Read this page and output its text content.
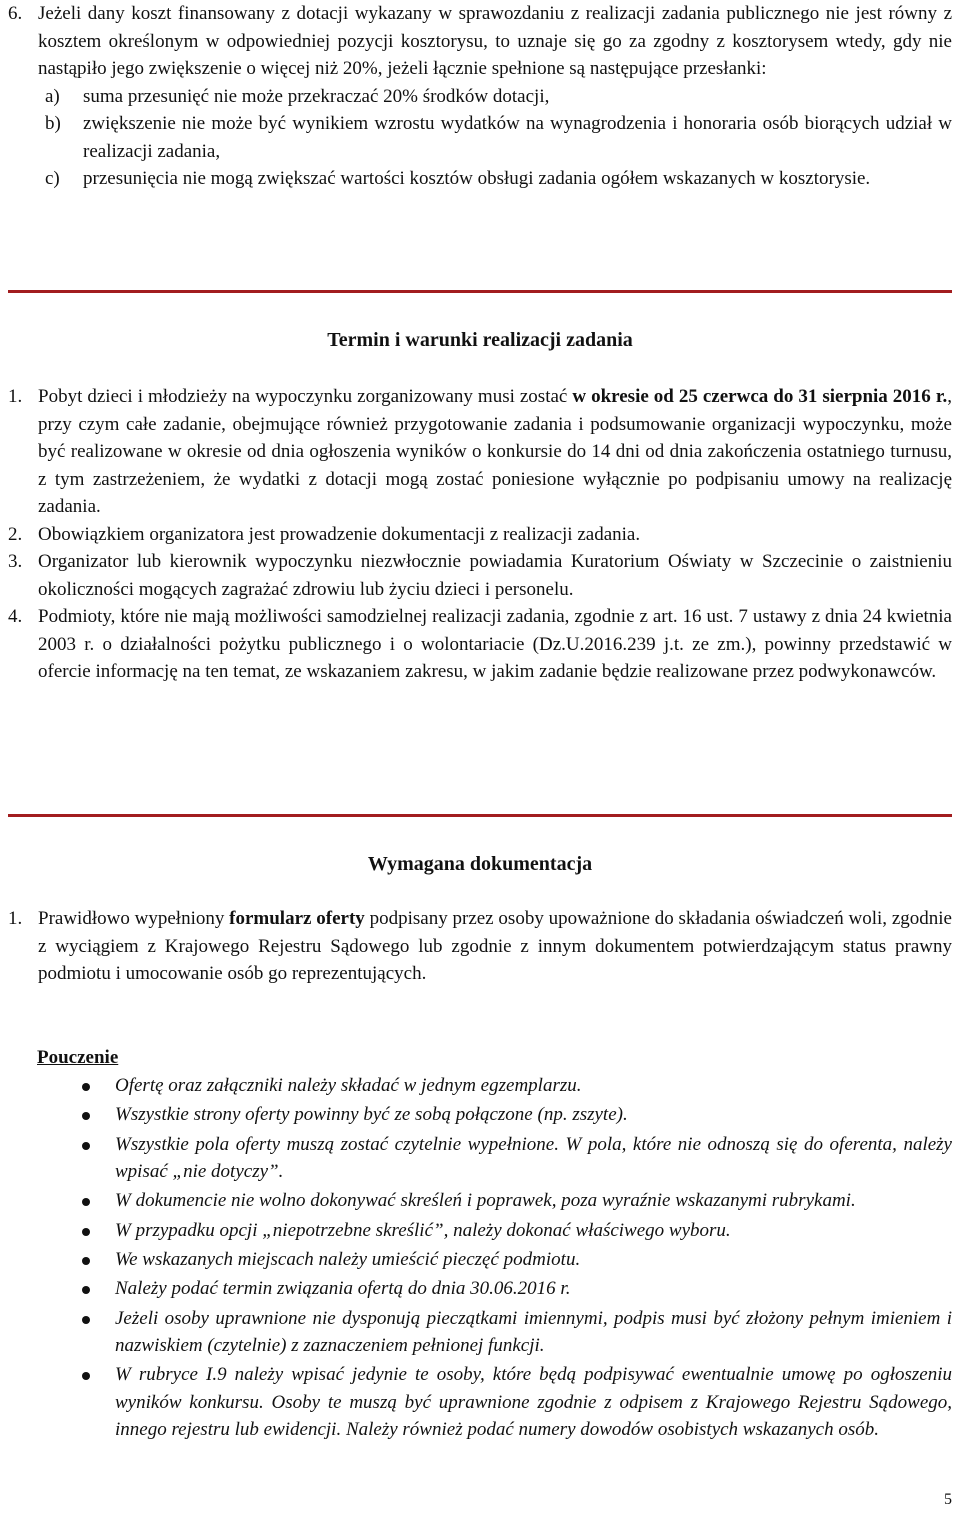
6. Jeżeli dany koszt finansowany z dotacji wykazany w sprawozdaniu z realizacji zadania publicznego nie jest równy z kosztem określonym w odpowiedniej pozycji kosztorysu, to uznaje się go za zgodny z kosztorysem wtedy, gdy nie nastąpiło jego zwiększenie o więcej niż 20%, jeżeli łącznie spełnione są następujące przesłanki:
a)	suma przesunięć nie może przekraczać 20% środków dotacji,
b)	zwiększenie nie może być wynikiem wzrostu wydatków na wynagrodzenia i honoraria osób biorących udział w realizacji zadania,
c)	przesunięcia nie mogą zwiększać wartości kosztów obsługi zadania ogółem wskazanych w kosztorysie.
Termin i warunki realizacji zadania
1. Pobyt dzieci i młodzieży na wypoczynku zorganizowany musi zostać w okresie od 25 czerwca do 31 sierpnia 2016 r., przy czym całe zadanie, obejmujące również przygotowanie zadania i podsumowanie organizacji wypoczynku, może być realizowane w okresie od dnia ogłoszenia wyników o konkursie do 14 dni od dnia zakończenia ostatniego turnusu, z tym zastrzeżeniem, że wydatki z dotacji mogą zostać poniesione wyłącznie po podpisaniu umowy na realizację zadania.
2. Obowiązkiem organizatora jest prowadzenie dokumentacji z realizacji zadania.
3. Organizator lub kierownik wypoczynku niezwłocznie powiadamia Kuratorium Oświaty w Szczecinie o zaistnieniu okoliczności mogących zagrażać zdrowiu lub życiu dzieci i personelu.
4. Podmioty, które nie mają możliwości samodzielnej realizacji zadania, zgodnie z art. 16 ust. 7 ustawy z dnia 24 kwietnia 2003 r. o działalności pożytku publicznego i o wolontariacie (Dz.U.2016.239 j.t. ze zm.), powinny przedstawić w ofercie informację na ten temat, ze wskazaniem zakresu, w jakim zadanie będzie realizowane przez podwykonawców.
Wymagana dokumentacja
1. Prawidłowo wypełniony formularz oferty podpisany przez osoby upoważnione do składania oświadczeń woli, zgodnie z wyciągiem z Krajowego Rejestru Sądowego lub zgodnie z innym dokumentem potwierdzającym status prawny podmiotu i umocowanie osób go reprezentujących.
Pouczenie
Ofertę oraz załączniki należy składać w jednym egzemplarzu.
Wszystkie strony oferty powinny być ze sobą połączone (np. zszyte).
Wszystkie pola oferty muszą zostać czytelnie wypełnione. W pola, które nie odnoszą się do oferenta, należy wpisać „nie dotyczy”.
W dokumencie nie wolno dokonywać skreśleń i poprawek, poza wyraźnie wskazanymi rubrykami.
W przypadku opcji „niepotrzebne skreślić”, należy dokonać właściwego wyboru.
We wskazanych miejscach należy umieścić pieczęć podmiotu.
Należy podać termin związania ofertą do dnia 30.06.2016 r.
Jeżeli osoby uprawnione nie dysponują pieczątkami imiennymi, podpis musi być złożony pełnym imieniem i nazwiskiem (czytelnie) z zaznaczeniem pełnionej funkcji.
W rubryce I.9 należy wpisać jedynie te osoby, które będą podpisywać ewentualnie umowę po ogłoszeniu wyników konkursu. Osoby te muszą być uprawnione zgodnie z odpisem z Krajowego Rejestru Sądowego, innego rejestru lub ewidencji. Należy również podać numery dowodów osobistych wskazanych osób.
5
